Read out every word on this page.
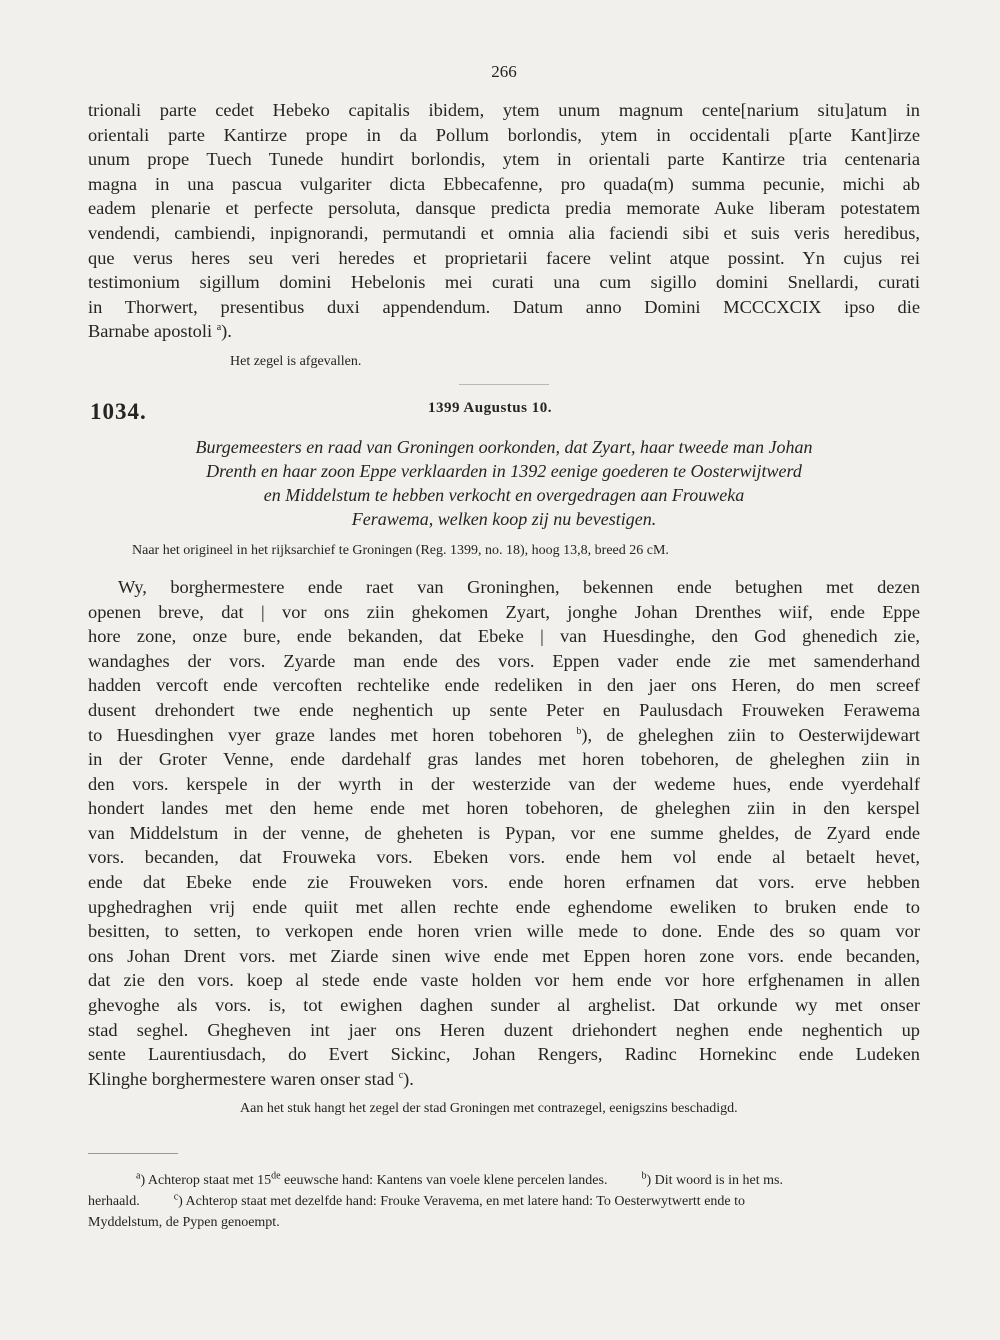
266
trionali parte cedet Hebeko capitalis ibidem, ytem unum magnum cente[narium situ]atum in
orientali parte Kantirze prope in da Pollum borlondis, ytem in occidentali p[arte Kant]irze
unum prope Tuech Tunede hundirt borlondis, ytem in orientali parte Kantirze tria centenaria
magna in una pascua vulgariter dicta Ebbecafenne, pro quada(m) summa pecunie, michi ab
eadem plenarie et perfecte persoluta, dansque predicta predia memorate Auke liberam potestatem
vendendi, cambiendi, inpignorandi, permutandi et omnia alia faciendi sibi et suis veris heredibus,
que verus heres seu veri heredes et proprietarii facere velint atque possint. Yn cujus rei
testimonium sigillum domini Hebelonis mei curati una cum sigillo domini Snellardi, curati
in Thorwert, presentibus duxi appendendum. Datum anno Domini MCCCXCIX ipso die
Barnabe apostoli $^a$).
Het zegel is afgevallen.
1034.	1399 Augustus 10.
Burgemeesters en raad van Groningen oorkonden, dat Zyart, haar tweede man Johan
Drenth en haar zoon Eppe verklaarden in 1392 eenige goederen te Oosterwijtwerd
en Middelstum te hebben verkocht en overgedragen aan Frouweka
Ferawema, welken koop zij nu bevestigen.
Naar het origineel in het rijksarchief te Groningen (Reg. 1399, no. 18), hoog 13,8, breed 26 cM.
Wy, borghermestere ende raet van Groninghen, bekennen ende betughen met dezen
openen breve, dat | vor ons ziin ghekomen Zyart, jonghe Johan Drenthes wiif, ende Eppe
hore zone, onze bure, ende bekanden, dat Ebeke | van Huesdinghe, den God ghenedich zie,
wandaghes der vors. Zyarde man ende des vors. Eppen vader ende zie met samenderhand
hadden vercoft ende vercoften rechtelike ende redeliken in den jaer ons Heren, do men screef
dusent drehondert twe ende neghentich up sente Peter en Paulusdach Frouweken Ferawema
to Huesdinghen vyer graze landes met horen tobehoren $^b$), de gheleghen ziin to Oesterwijdewart
in der Groter Venne, ende dardehalf gras landes met horen tobehoren, de gheleghen ziin in
den vors. kerspele in der wyrth in der westerzide van der wedeme hues, ende vyerdehalf
hondert landes met den heme ende met horen tobehoren, de gheleghen ziin in den kerspel
van Middelstum in der venne, de gheheten is Pypan, vor ene summe gheldes, de Zyard ende
vors. becanden, dat Frouweka vors. Ebeken vors. ende hem vol ende al betaelt hevet,
ende dat Ebeke ende zie Frouweken vors. ende horen erfnamen dat vors. erve hebben
upghedraghen vrij ende quiit met allen rechte ende eghendome eweliken to bruken ende to
besitten, to setten, to verkopen ende horen vrien wille mede to done. Ende des so quam vor
ons Johan Drent vors. met Ziarde sinen wive ende met Eppen horen zone vors. ende becanden,
dat zie den vors. koep al stede ende vaste holden vor hem ende vor hore erfghenamen in allen
ghevoghe als vors. is, tot ewighen daghen sunder al arghelist. Dat orkunde wy met onser
stad seghel. Ghegheven int jaer ons Heren duzent driehondert neghen ende neghentich up
sente Laurentiusdach, do Evert Sickinc, Johan Rengers, Radinc Hornekinc ende Ludeken
Klinghe borghermestere waren onser stad $^c$).
Aan het stuk hangt het zegel der stad Groningen met contrazegel, eenigszins beschadigd.
$^a$) Achterop staat met 15de eeuwsche hand: Kantens van voele klene percelen landes.	$^b$) Dit woord is in het ms.
herhaald.	$^c$) Achterop staat met dezelfde hand: Frouke Veravema, en met latere hand: To Oesterwytwertt ende to
Myddelstum, de Pypen genoempt.
